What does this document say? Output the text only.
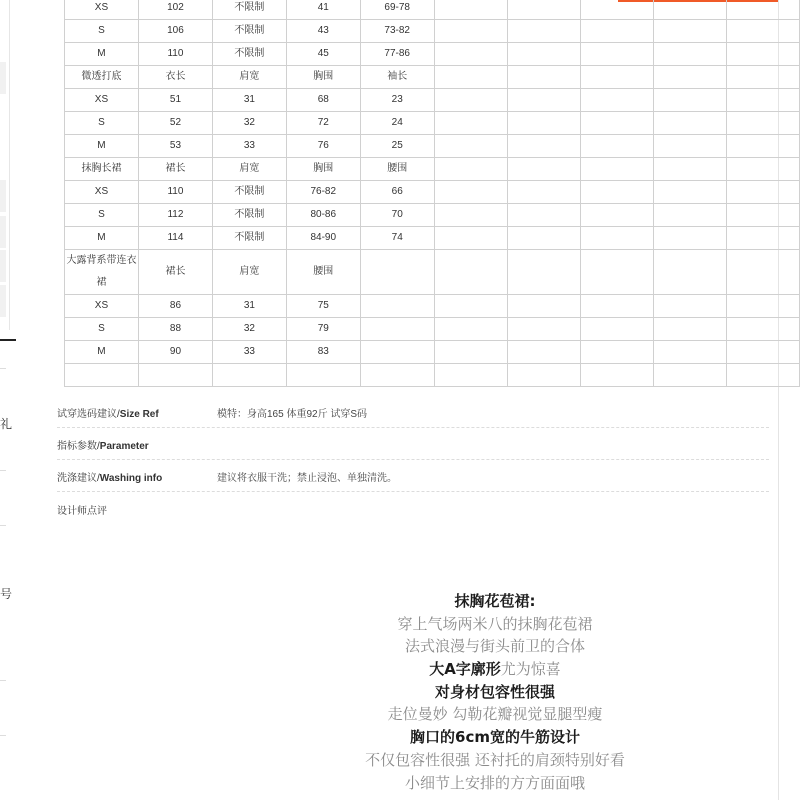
礼
号
XS	102	不限制	41	69-78					
S	106	不限制	43	73-82					
M	110	不限制	45	77-86					
微透打底	衣长	肩宽	胸围	袖长					
XS	51	31	68	23					
S	52	32	72	24					
M	53	33	76	25					
抹胸长裙	裙长	肩宽	胸围	腰围					
XS	110	不限制	76-82	66					
S	112	不限制	80-86	70					
M	114	不限制	84-90	74					
大露背系带连衣裙	裙长	肩宽	腰围						
XS	86	31	75						
S	88	32	79						
M	90	33	83						

试穿选码建议/Size Ref	模特：身高165 体重92斤 试穿S码
指标参数/Parameter
洗涤建议/Washing info	建议将衣服干洗；禁止浸泡、单独清洗。
设计师点评
抹胸花苞裙:
穿上气场两米八的抹胸花苞裙
法式浪漫与街头前卫的合体
大A字廓形尤为惊喜
对身材包容性很强
走位曼妙 勾勒花瓣视觉显腿型瘦
胸口的6cm宽的牛筋设计
不仅包容性很强 还衬托的肩颈特别好看
小细节上安排的方方面面哦
